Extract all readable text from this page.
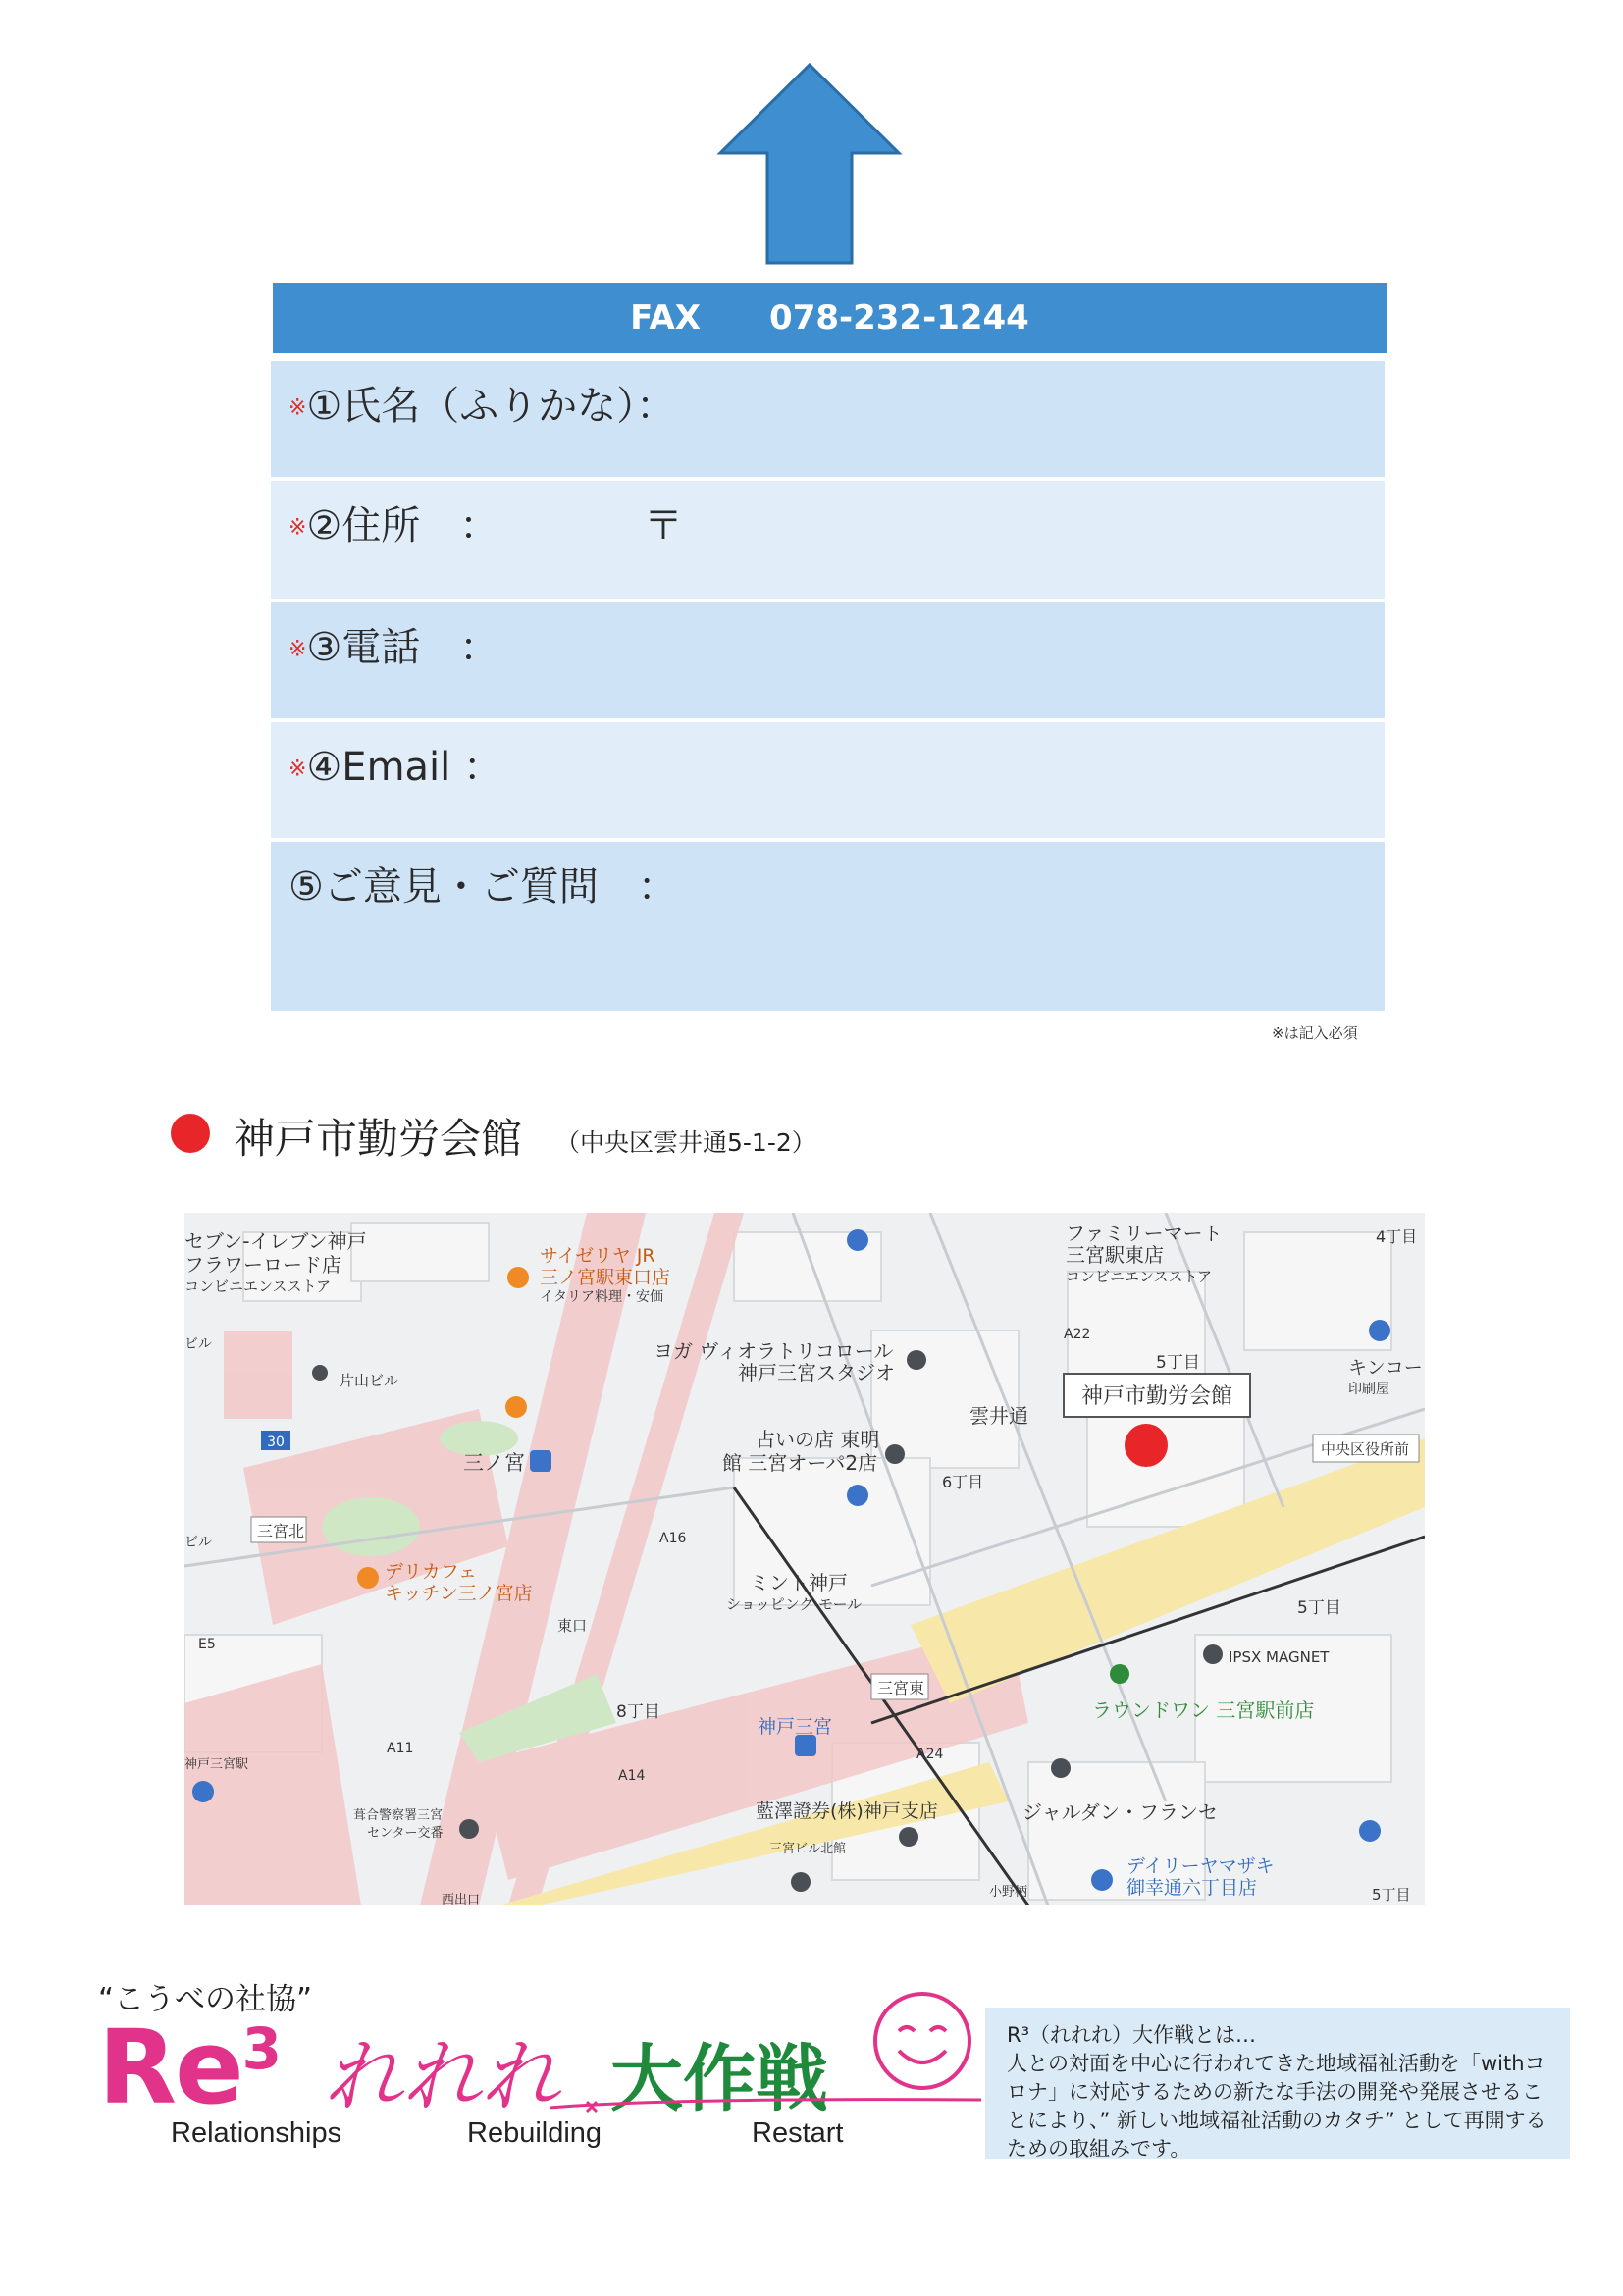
FAX 078-232-1244
※①氏名（ふりかな）：
※②住所　：	〒
※③電話　：
※④Email ：
⑤ご意見・ご質問　：
※は記入必須
神戸市勤労会館 （中央区雲井通5-1-2）
神戸市勤労会館
セブン-イレブン神戸
フラワーロード店
コンビニエンスストア
サイゼリヤ JR
三ノ宮駅東口店
イタリア料理・安価
ファミリーマート
三宮駅東店
コンビニエンスストア
4丁目
ヨガ ヴィオラトリコロール
神戸三宮スタジオ
A22
5丁目	キンコー
印刷屋
片山ビル
雲井通
占いの店 東明
館 三宮オーパ2店
6丁目
中央区役所前
30
三ノ宮
三宮北	A16
ミント神戸
ショッピング モール
デリカフェ
キッチン三ノ宮店
5丁目
IPSX MAGNET
東口
E5
三宮東
ラウンドワン 三宮駅前店
8丁目
神戸三宮
A24
神戸三宮駅
A11
A14
ジャルダン・フランセ
葺合警察署三宮
センター交番
藍澤證券(株)神戸支店
デイリーヤマザキ
御幸通六丁目店
三宮ビル北館
小野柄	5丁目
西出口
ビル
ビル
“こうべの社協”
Re$^3$ れれれ 大作戦
Relationships	Rebuilding	Restart

R³（れれれ）大作戦とは…

人との対面を中心に行われてきた地域福祉活動を「withコロナ」に対応するための新たな手法の開発や発展させることにより、” 新しい地域福祉活動のカタチ” として再開するための取組みです。
